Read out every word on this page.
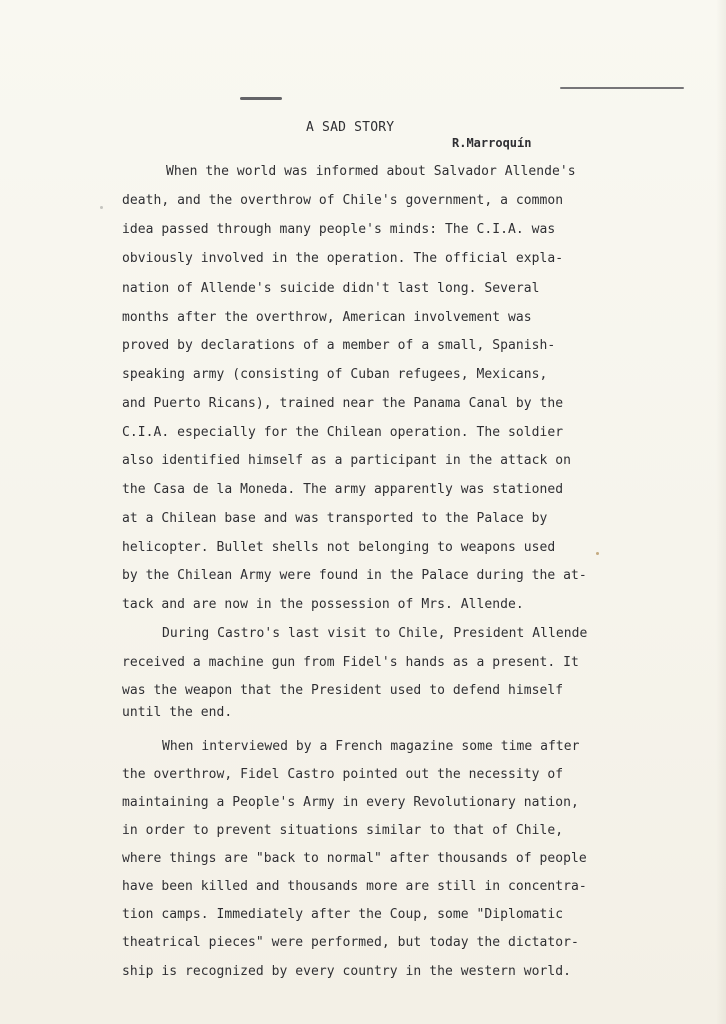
A SAD STORY
R.Marroquín
When the world was informed about Salvador Allende's
death, and the overthrow of Chile's government, a common
idea passed through many people's minds: The C.I.A. was
obviously involved in the operation. The official expla-
nation of Allende's suicide didn't last long. Several
months after the overthrow, American involvement was
proved by declarations of a member of a small, Spanish-
speaking army (consisting of Cuban refugees, Mexicans,
and Puerto Ricans), trained near the Panama Canal by the
C.I.A. especially for the Chilean operation. The soldier
also identified himself as a participant in the attack on
the Casa de la Moneda. The army apparently was stationed
at a Chilean base and was transported to the Palace by
helicopter. Bullet shells not belonging to weapons used
by the Chilean Army were found in the Palace during the at-
tack and are now in the possession of Mrs. Allende.
During Castro's last visit to Chile, President Allende
received a machine gun from Fidel's hands as a present. It
was the weapon that the President used to defend himself
until the end.
When interviewed by a French magazine some time after
the overthrow, Fidel Castro pointed out the necessity of
maintaining a People's Army in every Revolutionary nation,
in order to prevent situations similar to that of Chile,
where things are "back to normal" after thousands of people
have been killed and thousands more are still in concentra-
tion camps. Immediately after the Coup, some "Diplomatic
theatrical pieces" were performed, but today the dictator-
ship is recognized by every country in the western world.
